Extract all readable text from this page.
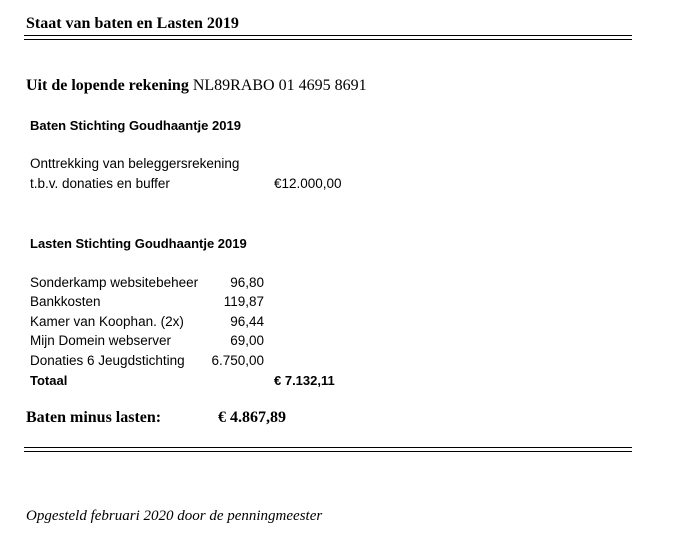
Staat van baten en Lasten 2019
Uit de lopende rekening NL89RABO 01 4695 8691
Baten Stichting Goudhaantje 2019
Onttrekking van beleggersrekening
t.b.v. donaties en buffer	€12.000,00
Lasten Stichting Goudhaantje 2019
Sonderkamp websitebeheer	96,80
Bankkosten	119,87
Kamer van Koophan. (2x)	96,44
Mijn Domein webserver	69,00
Donaties 6 Jeugdstichting	6.750,00
Totaal	€ 7.132,11
Baten minus lasten:	€ 4.867,89
Opgesteld februari 2020 door de penningmeester
